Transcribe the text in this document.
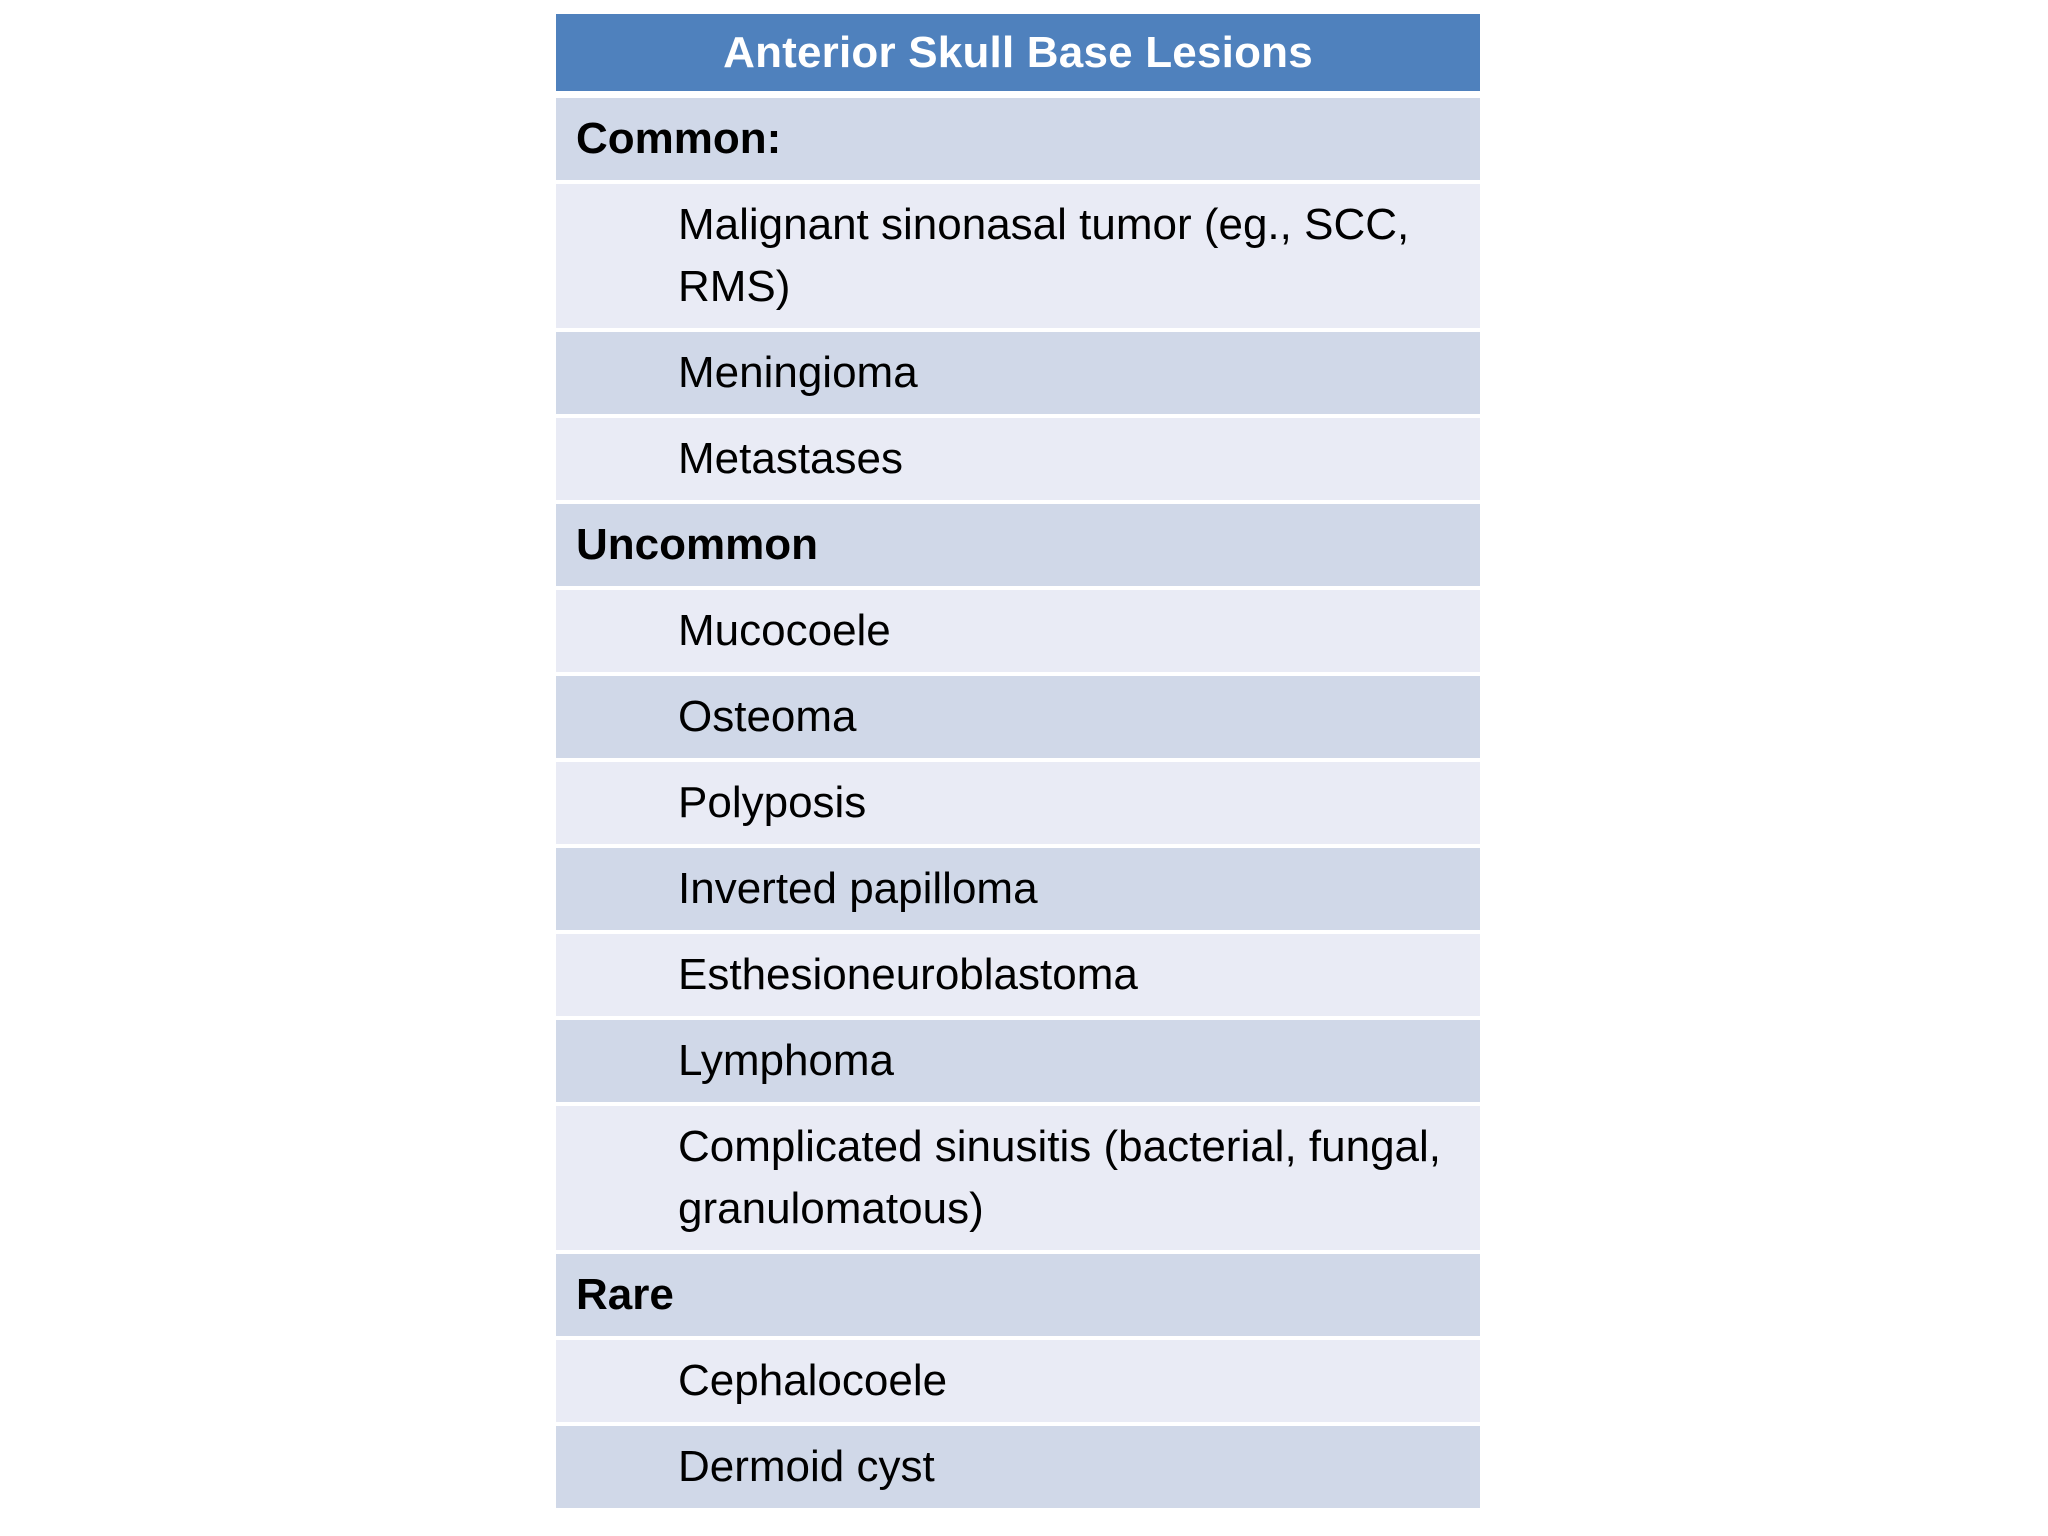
Anterior Skull Base Lesions
Common:
Malignant sinonasal tumor (eg., SCC, RMS)
Meningioma
Metastases
Uncommon
Mucocoele
Osteoma
Polyposis
Inverted papilloma
Esthesioneuroblastoma
Lymphoma
Complicated sinusitis (bacterial, fungal, granulomatous)
Rare
Cephalocoele
Dermoid cyst
